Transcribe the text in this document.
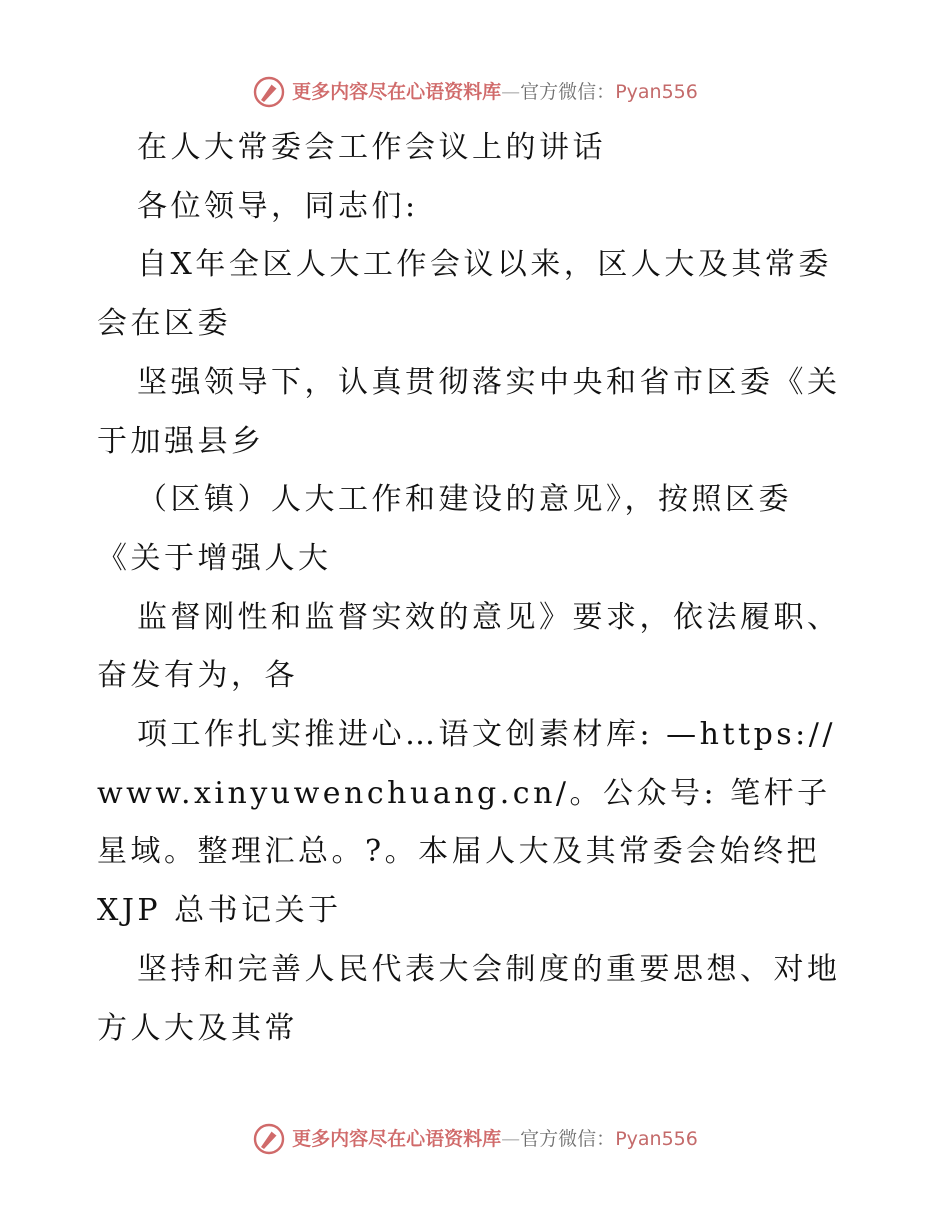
更多内容尽在心语资料库 — 官方微信： Pyan556

在人大常委会工作会议上的讲话

各位领导，同志们:

自X年全区人大工作会议以来，区人大及其常委会在区委

坚强领导下，认真贯彻落实中央和省市区委《关于加强县乡

（区镇）人大工作和建设的意见》，按照区委《关于增强人大

监督刚性和监督实效的意见》要求，依法履职、奋发有为，各

项工作扎实推进心…语文创素材库: —https://www.xinyuwenchuang.cn/。公众号: 笔杆子星域。整理汇总。?。本届人大及其常委会始终把 XJP 总书记关于

坚持和完善人民代表大会制度的重要思想、对地方人大及其常

更多内容尽在心语资料库 — 官方微信： Pyan556
